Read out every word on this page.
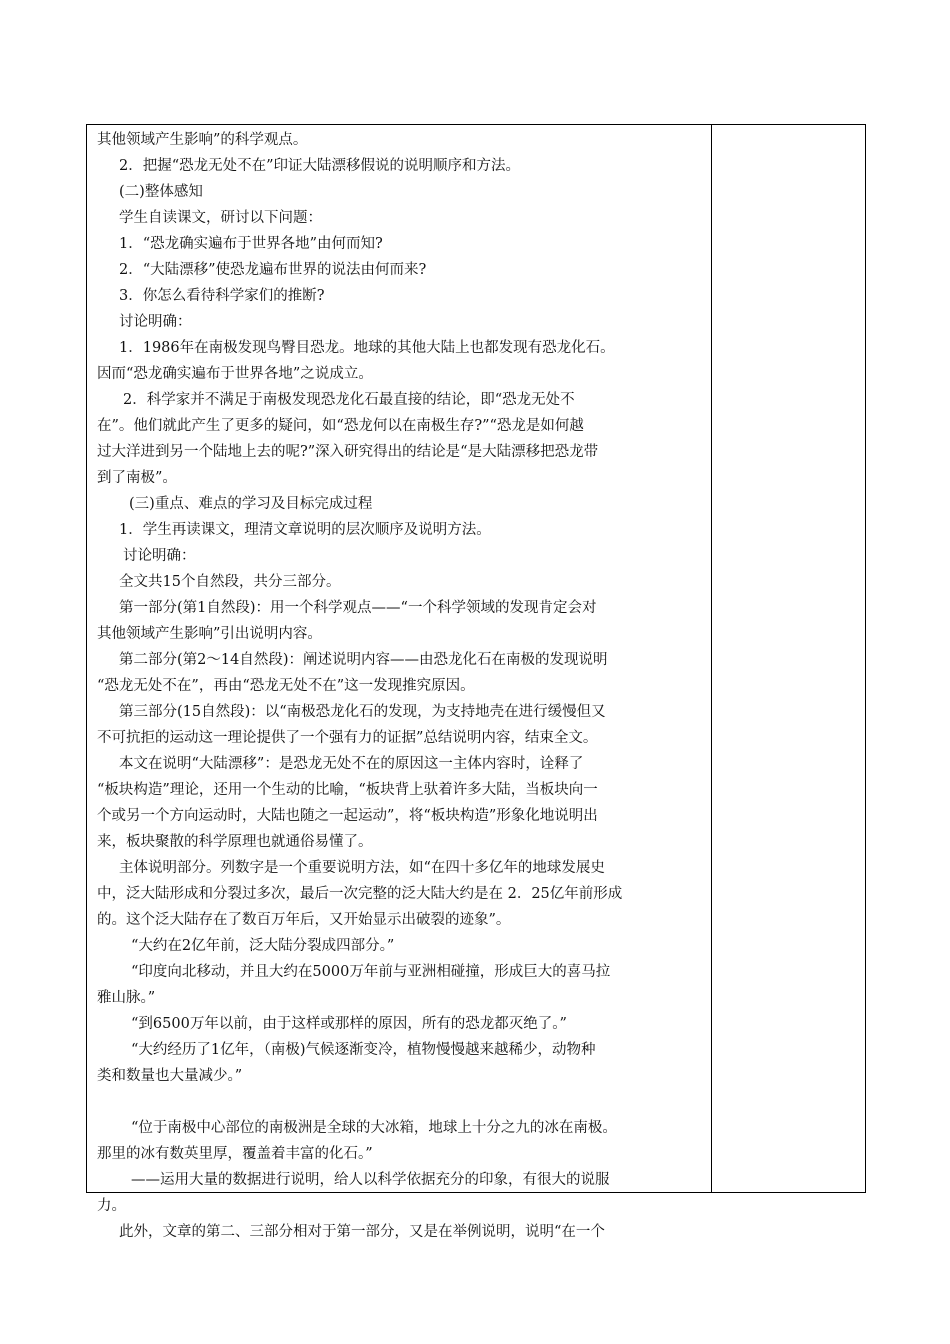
其他领域产生影响”的科学观点。
2．把握“恐龙无处不在”印证大陆漂移假说的说明顺序和方法。
(二)整体感知
学生自读课文，研讨以下问题：
1．“恐龙确实遍布于世界各地”由何而知?
2．“大陆漂移”使恐龙遍布世界的说法由何而来?
3．你怎么看待科学家们的推断?
讨论明确：
1．1986年在南极发现鸟臀目恐龙。地球的其他大陆上也都发现有恐龙化石。
因而“恐龙确实遍布于世界各地”之说成立。
2．科学家并不满足于南极发现恐龙化石最直接的结论，即“恐龙无处不
在”。他们就此产生了更多的疑问，如“恐龙何以在南极生存?”“恐龙是如何越
过大洋进到另一个陆地上去的呢?”深入研究得出的结论是“是大陆漂移把恐龙带
到了南极”。
(三)重点、难点的学习及目标完成过程
1．学生再读课文，理清文章说明的层次顺序及说明方法。
讨论明确：
全文共15个自然段，共分三部分。
第一部分(第1自然段)：用一个科学观点——“一个科学领域的发现肯定会对
其他领域产生影响”引出说明内容。
第二部分(第2～14自然段)：阐述说明内容——由恐龙化石在南极的发现说明
“恐龙无处不在”，再由“恐龙无处不在”这一发现推究原因。
第三部分(15自然段)：以“南极恐龙化石的发现，为支持地壳在进行缓慢但又
不可抗拒的运动这一理论提供了一个强有力的证据”总结说明内容，结束全文。
本文在说明“大陆漂移”：是恐龙无处不在的原因这一主体内容时，诠释了
“板块构造”理论，还用一个生动的比喻，“板块背上驮着许多大陆，当板块向一
个或另一个方向运动时，大陆也随之一起运动”，将“板块构造”形象化地说明出
来，板块聚散的科学原理也就通俗易懂了。
主体说明部分。列数字是一个重要说明方法，如“在四十多亿年的地球发展史
中，泛大陆形成和分裂过多次，最后一次完整的泛大陆大约是在 2．25亿年前形成
的。这个泛大陆存在了数百万年后，又开始显示出破裂的迹象”。
“大约在2亿年前，泛大陆分裂成四部分。”
“印度向北移动，并且大约在5000万年前与亚洲相碰撞，形成巨大的喜马拉
雅山脉。”
“到6500万年以前，由于这样或那样的原因，所有的恐龙都灭绝了。”
“大约经历了1亿年，（南极)气候逐渐变冷，植物慢慢越来越稀少，动物种
类和数量也大量减少。”
“位于南极中心部位的南极洲是全球的大冰箱，地球上十分之九的冰在南极。
那里的冰有数英里厚，覆盖着丰富的化石。”
——运用大量的数据进行说明，给人以科学依据充分的印象，有很大的说服
力。
此外，文章的第二、三部分相对于第一部分，又是在举例说明，说明“在一个
